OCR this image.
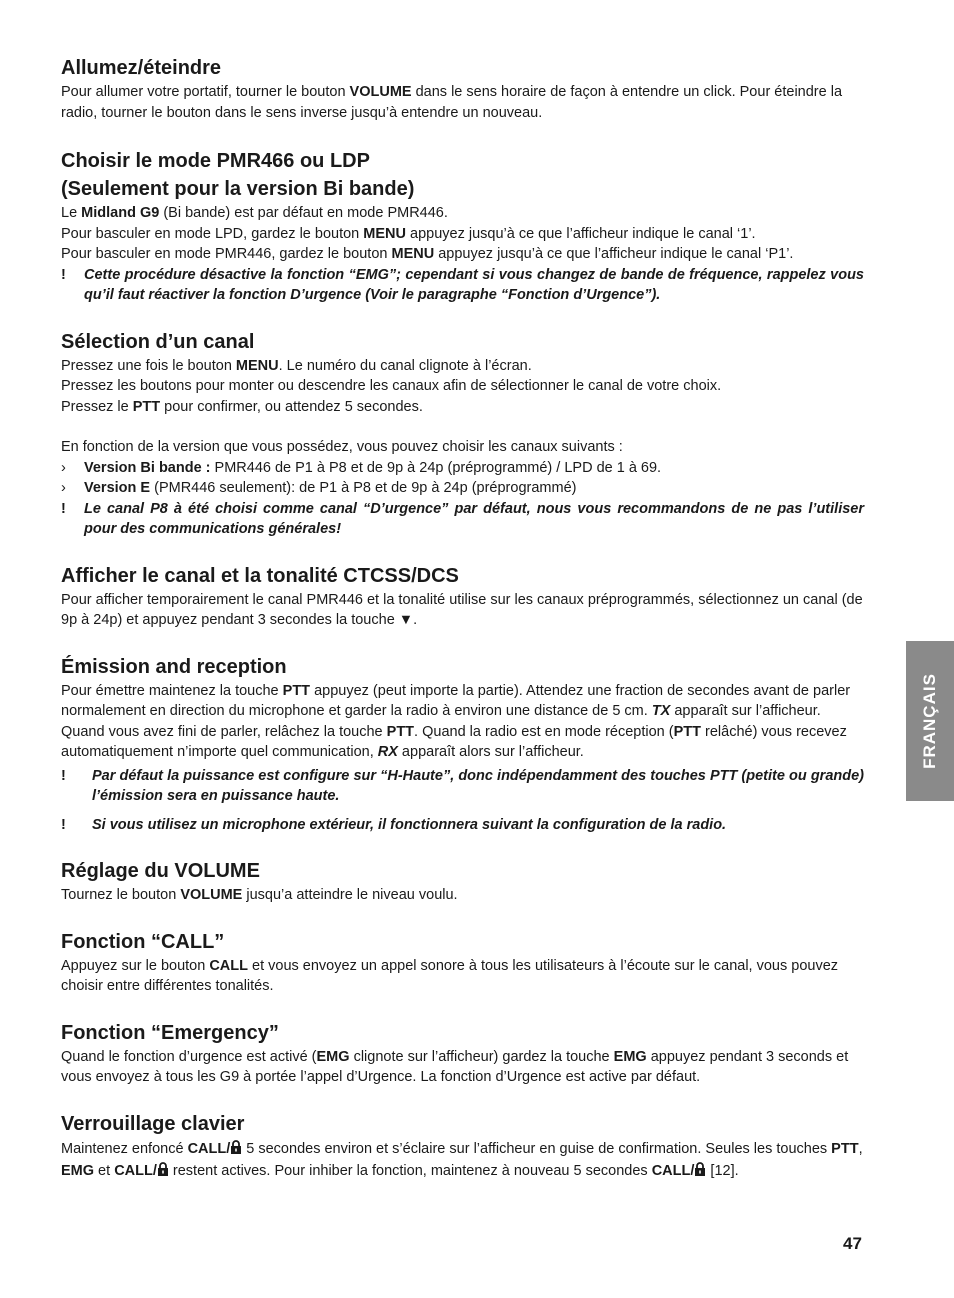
Allumez/éteindre

Pour allumer votre portatif, tourner le bouton VOLUME dans le sens horaire de façon à entendre un click. Pour éteindre la radio, tourner le bouton dans le sens inverse jusqu’à entendre un nouveau.

Choisir le mode PMR466 ou LDP
(Seulement pour la version Bi bande)

Le Midland G9 (Bi bande) est par défaut en mode PMR446.

Pour basculer en mode LPD, gardez le bouton MENU appuyez jusqu’à ce que l’afficheur indique le canal ‘1’.

Pour basculer en mode PMR446, gardez le bouton MENU appuyez jusqu’à ce que l’afficheur indique le canal ‘P1’.

!	Cette procédure désactive la fonction “EMG”; cependant si vous changez de bande de fréquence, rappelez vous qu’il faut réactiver la fonction D’urgence (Voir le paragraphe “Fonction d’Urgence”).
Sélection d’un canal

Pressez une fois le bouton MENU. Le numéro du canal clignote à l’écran.

Pressez les boutons pour monter ou descendre les canaux afin de sélectionner le canal de votre choix.

Pressez le PTT pour confirmer, ou attendez 5 secondes.

En fonction de la version que vous possédez, vous pouvez choisir les canaux suivants :

›	Version Bi bande : PMR446 de P1 à P8 et de 9p à 24p (préprogrammé) / LPD de 1 à 69.
›	Version E (PMR446 seulement): de P1 à P8 et de 9p à 24p (préprogrammé)
!	Le canal P8 à été choisi comme canal “D’urgence” par défaut, nous vous recommandons de ne pas l’utiliser pour des communications générales!
Afficher le canal et la tonalité CTCSS/DCS

Pour afficher temporairement le canal PMR446 et la tonalité utilise sur les canaux préprogrammés, sélectionnez un canal (de 9p à 24p) et appuyez pendant 3 secondes la touche ▼.

Émission and reception

Pour émettre maintenez la touche PTT appuyez (peut importe la partie). Attendez une fraction de secondes avant de parler normalement en direction du microphone et garder la radio à environ une distance de 5 cm. TX apparaît sur l’afficheur.

Quand vous avez fini de parler, relâchez la touche PTT. Quand la radio est en mode réception (PTT relâché) vous recevez automatiquement n’importe quel communication, RX apparaît alors sur l’afficheur.

!	Par défaut la puissance est configure sur “H-Haute”, donc indépendamment des touches PTT (petite ou grande) l’émission sera en puissance haute.
!	Si vous utilisez un microphone extérieur, il fonctionnera suivant la configuration de la radio.
Réglage du VOLUME

Tournez le bouton VOLUME jusqu’a atteindre le niveau voulu.

Fonction “CALL”

Appuyez sur le bouton CALL et vous envoyez un appel sonore à tous les utilisateurs à l’écoute sur le canal, vous pouvez choisir entre différentes tonalités.

Fonction “Emergency”

Quand le fonction d’urgence est activé (EMG clignote sur l’afficheur) gardez la touche EMG appuyez pendant 3 seconds et vous envoyez à tous les G9 à portée l’appel d’Urgence. La fonction d’Urgence est active par défaut.

Verrouillage clavier

Maintenez enfoncé CALL/ 5 secondes environ et s’éclaire sur l’afficheur en guise de confirmation. Seules les touches PTT, EMG et CALL/ restent actives. Pour inhiber la fonction, maintenez à nouveau 5 secondes CALL/ [12].

FRANÇAIS
47
